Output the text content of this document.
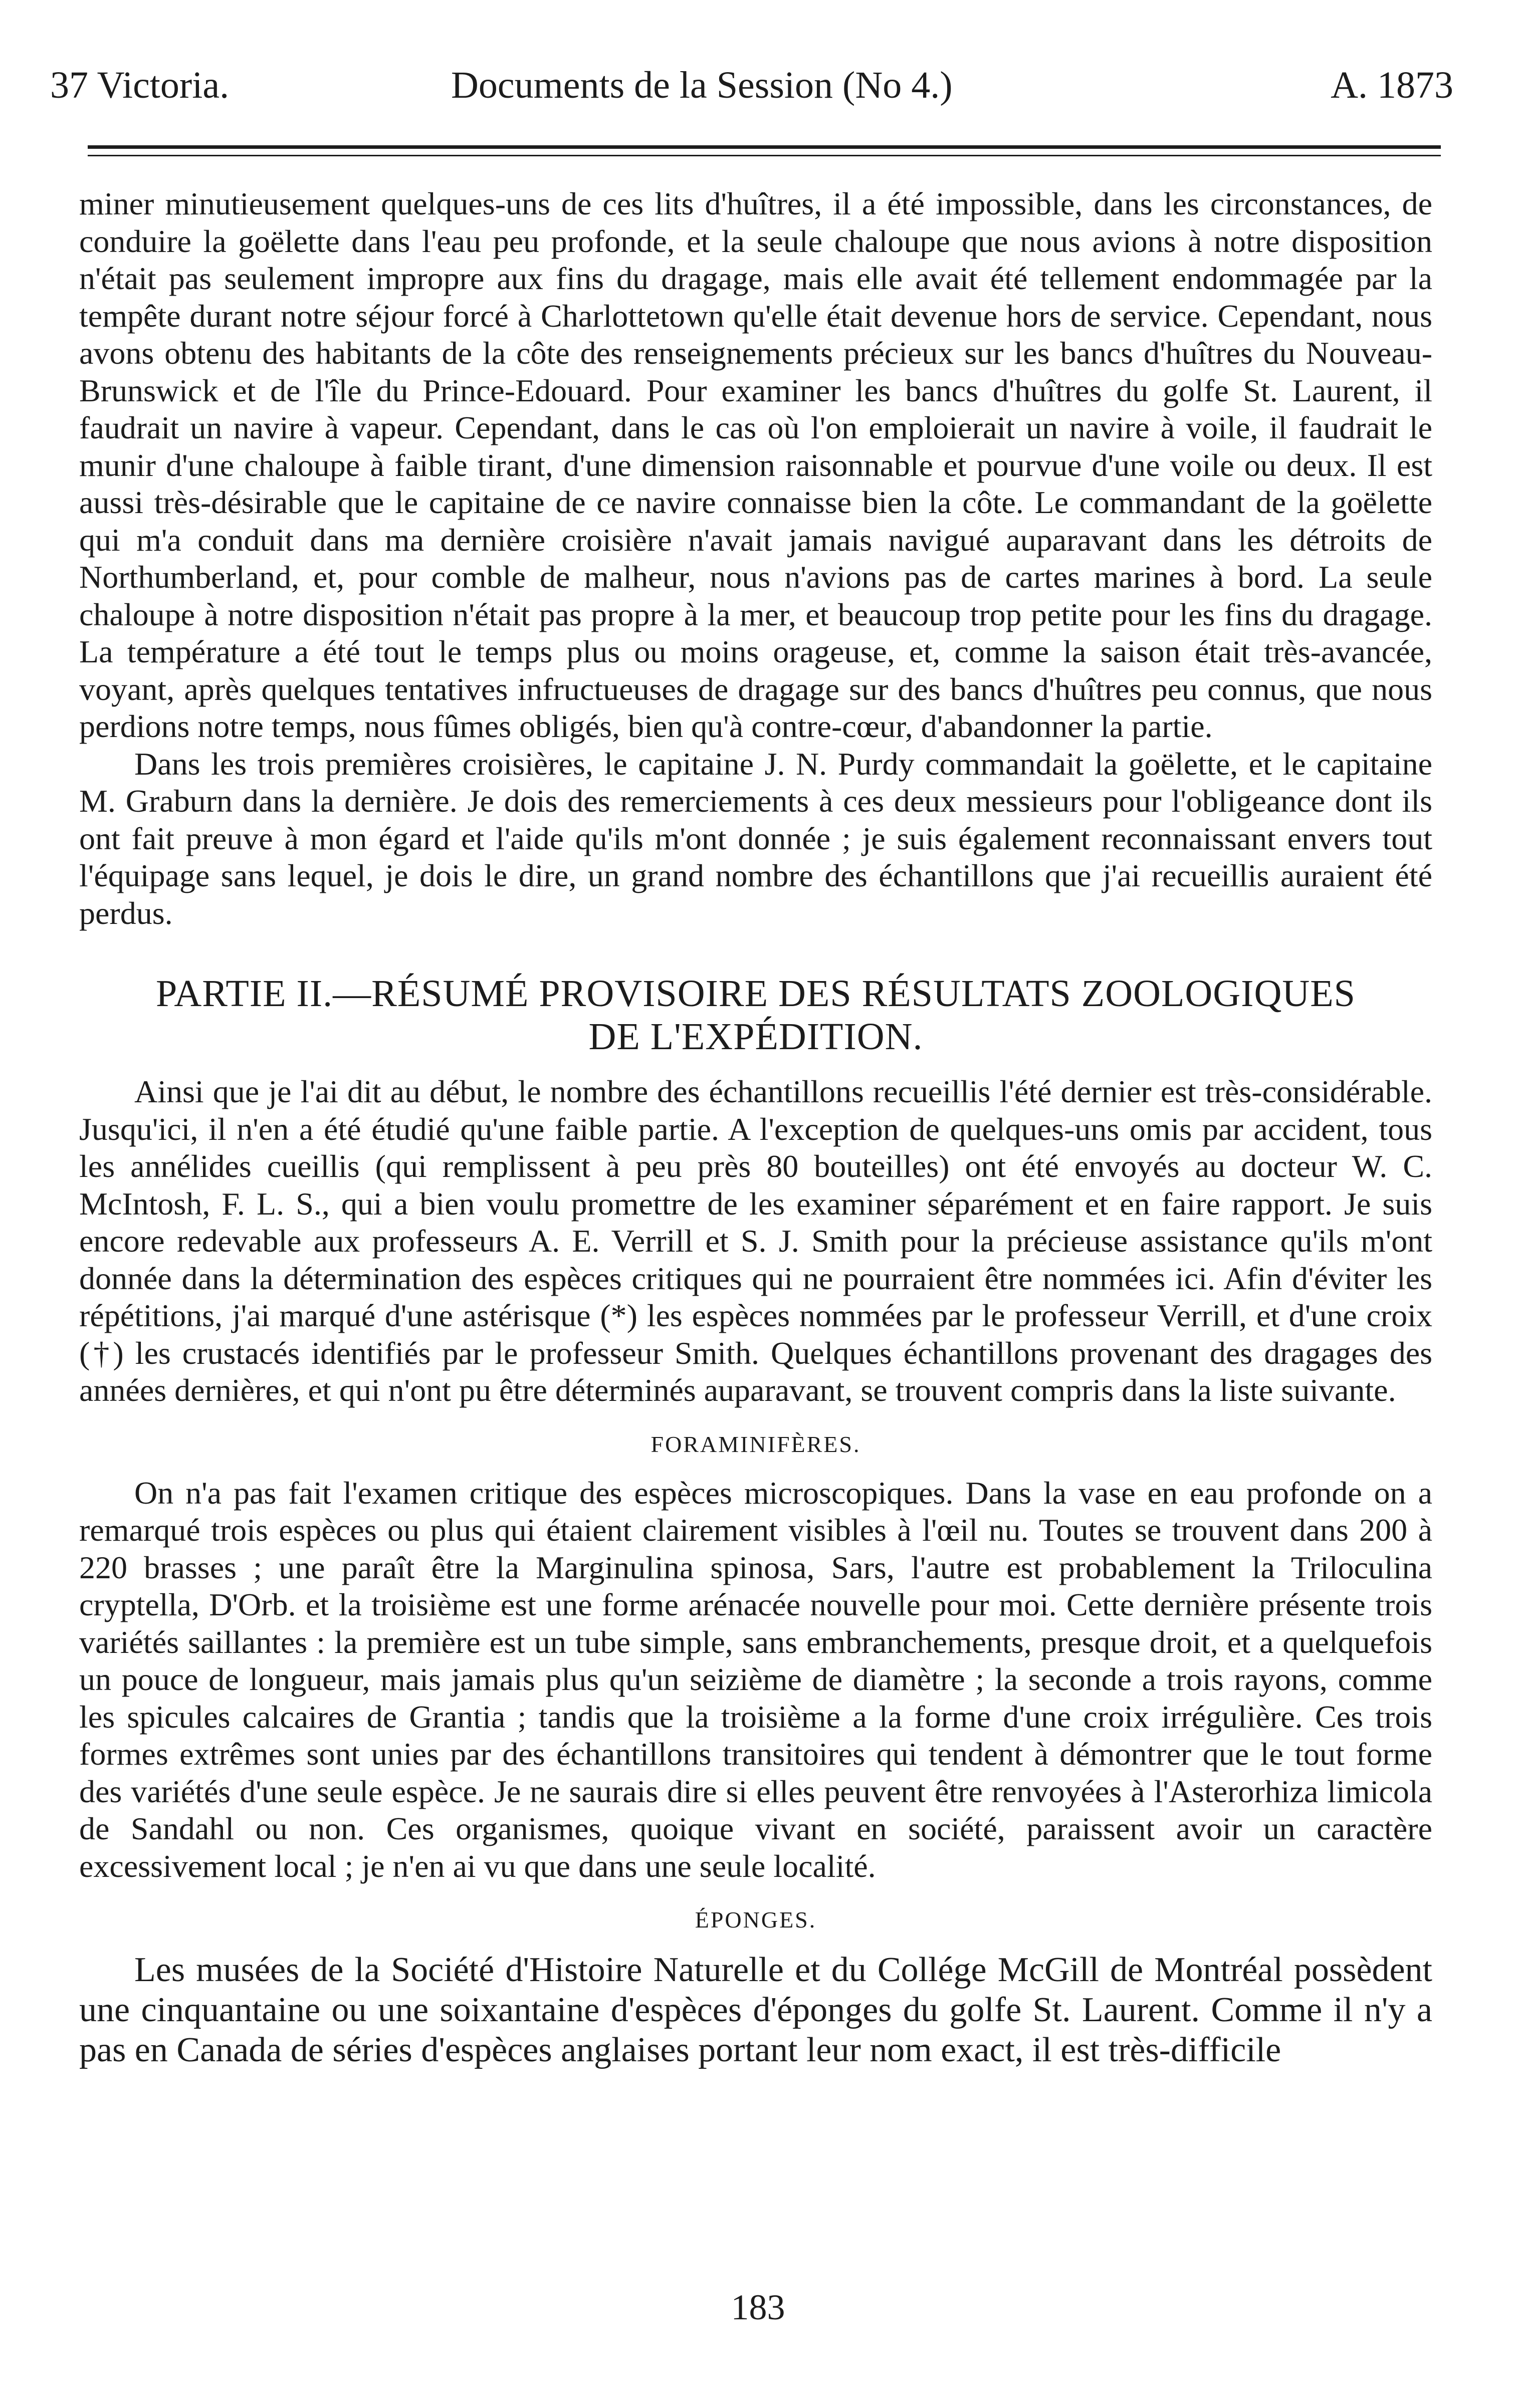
37 Victoria.	Documents de la Session (No 4.)	A. 1873

miner minutieusement quelques-uns de ces lits d'huîtres, il a été impossible, dans les circonstances, de conduire la goëlette dans l'eau peu profonde, et la seule chaloupe que nous avions à notre disposition n'était pas seulement impropre aux fins du dragage, mais elle avait été tellement endommagée par la tempête durant notre séjour forcé à Charlottetown qu'elle était devenue hors de service. Cependant, nous avons obtenu des habitants de la côte des renseignements précieux sur les bancs d'huîtres du Nouveau-Brunswick et de l'île du Prince-Edouard. Pour examiner les bancs d'huîtres du golfe St. Laurent, il faudrait un navire à vapeur. Cependant, dans le cas où l'on emploierait un navire à voile, il faudrait le munir d'une chaloupe à faible tirant, d'une dimension raisonnable et pourvue d'une voile ou deux. Il est aussi très-désirable que le capitaine de ce navire connaisse bien la côte. Le commandant de la goëlette qui m'a conduit dans ma dernière croisière n'avait jamais navigué auparavant dans les détroits de Northumberland, et, pour comble de malheur, nous n'avions pas de cartes marines à bord. La seule chaloupe à notre disposition n'était pas propre à la mer, et beaucoup trop petite pour les fins du dragage. La température a été tout le temps plus ou moins orageuse, et, comme la saison était très-avancée, voyant, après quelques tentatives infructueuses de dragage sur des bancs d'huîtres peu connus, que nous perdions notre temps, nous fûmes obligés, bien qu'à contre-cœur, d'abandonner la partie.

Dans les trois premières croisières, le capitaine J. N. Purdy commandait la goëlette, et le capitaine M. Graburn dans la dernière. Je dois des remerciements à ces deux messieurs pour l'obligeance dont ils ont fait preuve à mon égard et l'aide qu'ils m'ont donnée ; je suis également reconnaissant envers tout l'équipage sans lequel, je dois le dire, un grand nombre des échantillons que j'ai recueillis auraient été perdus.

PARTIE II.—RÉSUMÉ PROVISOIRE DES RÉSULTATS ZOOLOGIQUES
DE L'EXPÉDITION.

Ainsi que je l'ai dit au début, le nombre des échantillons recueillis l'été dernier est très-considérable. Jusqu'ici, il n'en a été étudié qu'une faible partie. A l'exception de quelques-uns omis par accident, tous les annélides cueillis (qui remplissent à peu près 80 bouteilles) ont été envoyés au docteur W. C. McIntosh, F. L. S., qui a bien voulu promettre de les examiner séparément et en faire rapport. Je suis encore redevable aux professeurs A. E. Verrill et S. J. Smith pour la précieuse assistance qu'ils m'ont donnée dans la détermination des espèces critiques qui ne pourraient être nommées ici. Afin d'éviter les répétitions, j'ai marqué d'une astérisque (*) les espèces nommées par le professeur Verrill, et d'une croix (†) les crustacés identifiés par le professeur Smith. Quelques échantillons provenant des dragages des années dernières, et qui n'ont pu être déterminés auparavant, se trouvent compris dans la liste suivante.

FORAMINIFÈRES.

On n'a pas fait l'examen critique des espèces microscopiques. Dans la vase en eau profonde on a remarqué trois espèces ou plus qui étaient clairement visibles à l'œil nu. Toutes se trouvent dans 200 à 220 brasses ; une paraît être la Marginulina spinosa, Sars, l'autre est probablement la Triloculina cryptella, D'Orb. et la troisième est une forme arénacée nouvelle pour moi. Cette dernière présente trois variétés saillantes : la première est un tube simple, sans embranchements, presque droit, et a quelquefois un pouce de longueur, mais jamais plus qu'un seizième de diamètre ; la seconde a trois rayons, comme les spicules calcaires de Grantia ; tandis que la troisième a la forme d'une croix irrégulière. Ces trois formes extrêmes sont unies par des échantillons transitoires qui tendent à démontrer que le tout forme des variétés d'une seule espèce. Je ne saurais dire si elles peuvent être renvoyées à l'Asterorhiza limicola de Sandahl ou non. Ces organismes, quoique vivant en société, paraissent avoir un caractère excessivement local ; je n'en ai vu que dans une seule localité.

ÉPONGES.

Les musées de la Société d'Histoire Naturelle et du Collége McGill de Montréal possèdent une cinquantaine ou une soixantaine d'espèces d'éponges du golfe St. Laurent. Comme il n'y a pas en Canada de séries d'espèces anglaises portant leur nom exact, il est très-difficile

183
